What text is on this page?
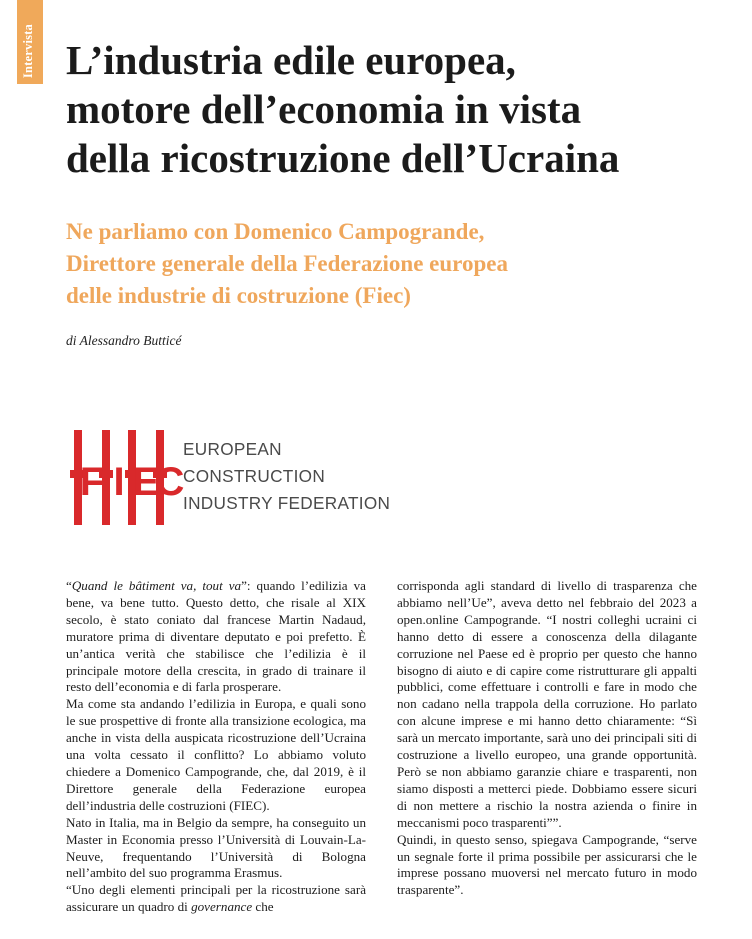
Intervista L’industria edile europea,
motore dell’economia in vista
della ricostruzione dell’Ucraina
Ne parliamo con Domenico Campogrande,
Direttore generale della Federazione europea
delle industrie di costruzione (Fiec)
di Alessandro Butticé
F I E
C
EUROPEAN
CONSTRUCTION
INDUSTRY FEDERATION

“Quand le bâtiment va, tout va”: quando l’edilizia va bene, va bene tutto. Questo detto, che risale al XIX secolo, è stato coniato dal francese Martin Nadaud, muratore prima di diventare deputato e poi prefetto. È un’antica verità che stabilisce che l’edilizia è il principale motore della crescita, in grado di trainare il resto dell’economia e di farla prosperare.

Ma come sta andando l’edilizia in Europa, e quali sono le sue prospettive di fronte alla transizione ecologica, ma anche in vista della auspicata ricostruzione dell’Ucraina una volta cessato il conflitto? Lo abbiamo voluto chiedere a Domenico Campogrande, che, dal 2019, è il Direttore generale della Federazione europea dell’industria delle costruzioni (FIEC).

Nato in Italia, ma in Belgio da sempre, ha conseguito un Master in Economia presso l’Università di Louvain-La-Neuve, frequentando l’Università di Bologna nell’ambito del suo programma Erasmus.

“Uno degli elementi principali per la ricostruzione sarà assicurare un quadro di governance che

corrisponda agli standard di livello di trasparenza che abbiamo nell’Ue”, aveva detto nel febbraio del 2023 a open.online Campogrande. “I nostri colleghi ucraini ci hanno detto di essere a conoscenza della dilagante corruzione nel Paese ed è proprio per questo che hanno bisogno di aiuto e di capire come ristrutturare gli appalti pubblici, come effettuare i controlli e fare in modo che non cadano nella trappola della corruzione. Ho parlato con alcune imprese e mi hanno detto chiaramente: “Sì sarà un mercato importante, sarà uno dei principali siti di costruzione a livello europeo, una grande opportunità. Però se non abbiamo garanzie chiare e trasparenti, non siamo disposti a metterci piede. Dobbiamo essere sicuri di non mettere a rischio la nostra azienda o finire in meccanismi poco trasparenti””.

Quindi, in questo senso, spiegava Campogrande, “serve un segnale forte il prima possibile per assicurarsi che le imprese possano muoversi nel mercato futuro in modo trasparente”.
